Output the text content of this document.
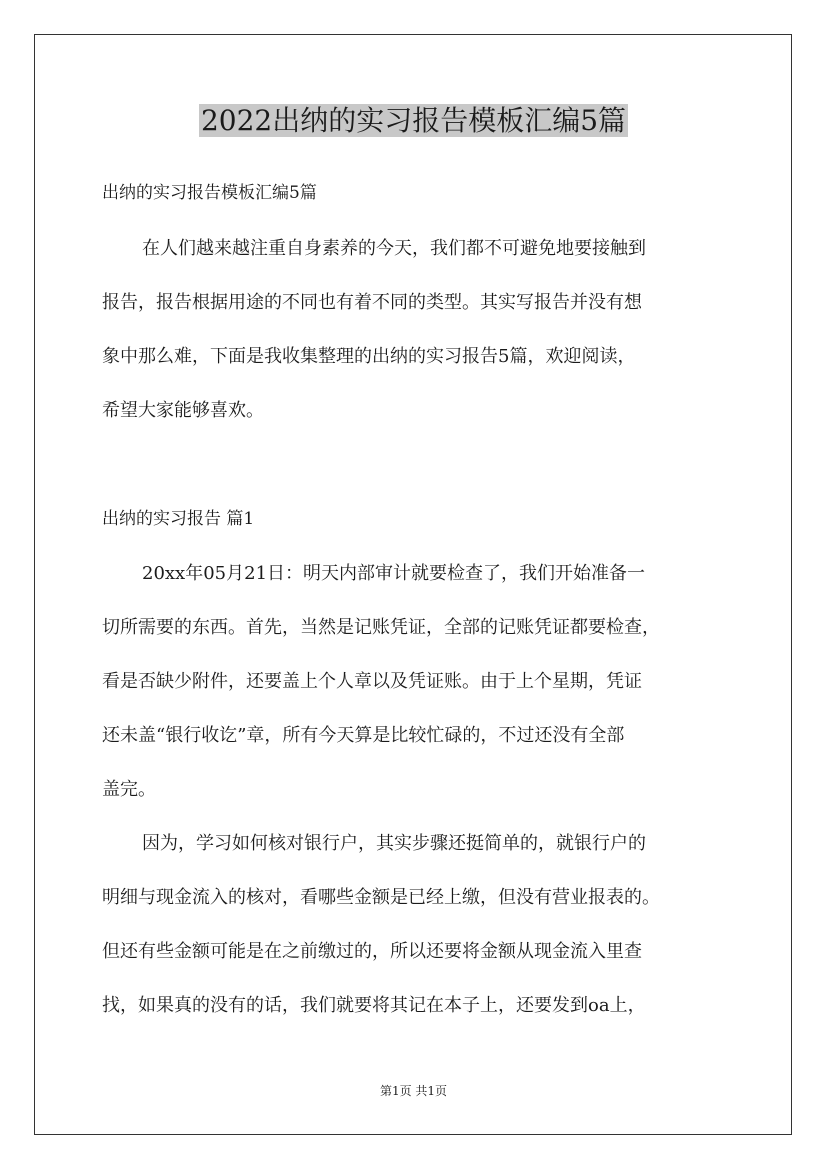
2022出纳的实习报告模板汇编5篇

出纳的实习报告模板汇编5篇

在人们越来越注重自身素养的今天，我们都不可避免地要接触到

报告，报告根据用途的不同也有着不同的类型。其实写报告并没有想

象中那么难，下面是我收集整理的出纳的实习报告5篇，欢迎阅读，

希望大家能够喜欢。

出纳的实习报告 篇1

20xx年05月21日：明天内部审计就要检查了，我们开始准备一

切所需要的东西。首先，当然是记账凭证，全部的记账凭证都要检查，

看是否缺少附件，还要盖上个人章以及凭证账。由于上个星期，凭证

还未盖“银行收讫”章，所有今天算是比较忙碌的，不过还没有全部

盖完。

因为，学习如何核对银行户，其实步骤还挺简单的，就银行户的

明细与现金流入的核对，看哪些金额是已经上缴，但没有营业报表的。

但还有些金额可能是在之前缴过的，所以还要将金额从现金流入里查

找，如果真的没有的话，我们就要将其记在本子上，还要发到oa上，

第1页 共1页
